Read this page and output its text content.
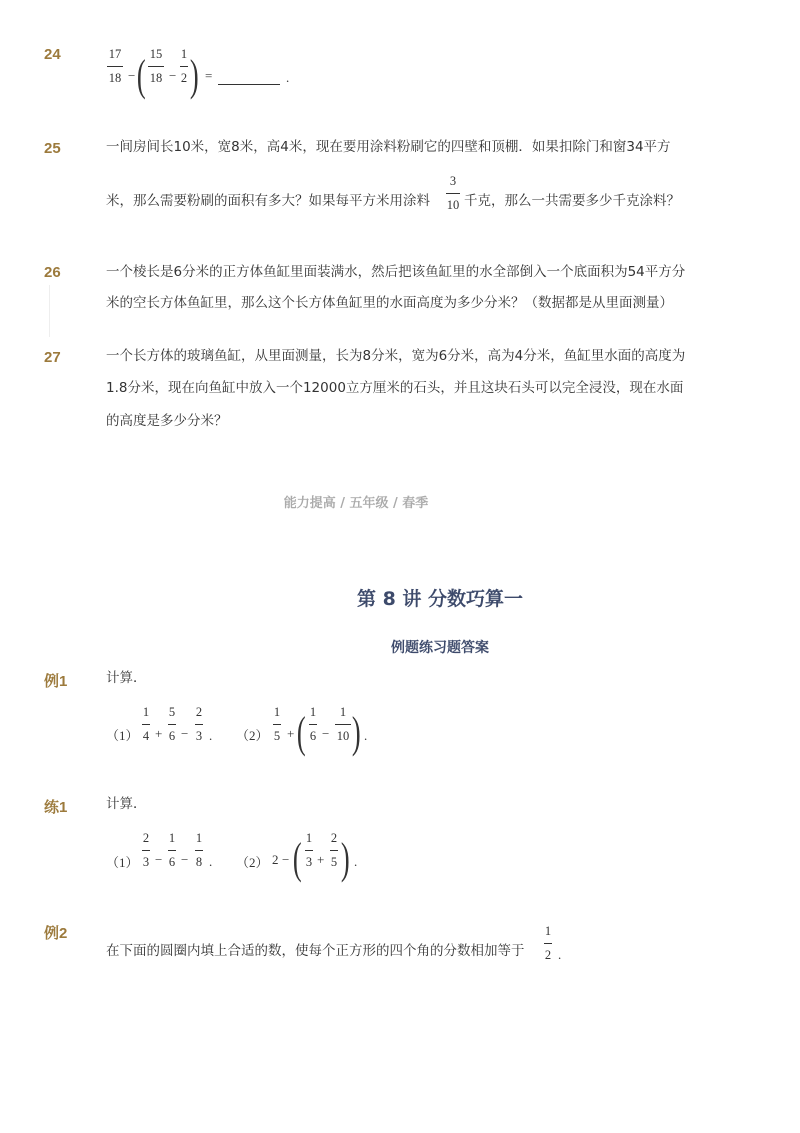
24	17
18 − ( 15
18 −
1
2 ) =	.
25	一间房间长10米，宽8米，高4米，现在要用涂料粉刷它的四壁和顶棚．如果扣除门和窗34平方
米，那么需要粉刷的面积有多大？如果每平方米用涂料
3
10 千克，那么一共需要多少千克涂料？
26	一个棱长是6分米的正方体鱼缸里面装满水，然后把该鱼缸里的水全部倒入一个底面积为54平方分
米的空长方体鱼缸里，那么这个长方体鱼缸里的水面高度为多少分米？（数据都是从里面测量）
27	一个长方体的玻璃鱼缸，从里面测量，长为8分米，宽为6分米，高为4分米，鱼缸里水面的高度为
1.8分米，现在向鱼缸中放入一个12000立方厘米的石头，并且这块石头可以完全浸没，现在水面
的高度是多少分米？
能力提高 / 五年级 / 春季
第 8 讲 分数巧算一
例题练习题答案
例1	计算．
（1）
1
4 +
5
6 −
2
3 . （2）
1
5 + ( 1
6 −
1
10 ) .
练1	计算．
（1）
2
3 −
1
6 −
1
8 . （2） 2 − ( 1
3 +
2
5 ) .
例2
在下面的圆圈内填上合适的数，使每个正方形的四个角的分数相加等于
1
2 .
